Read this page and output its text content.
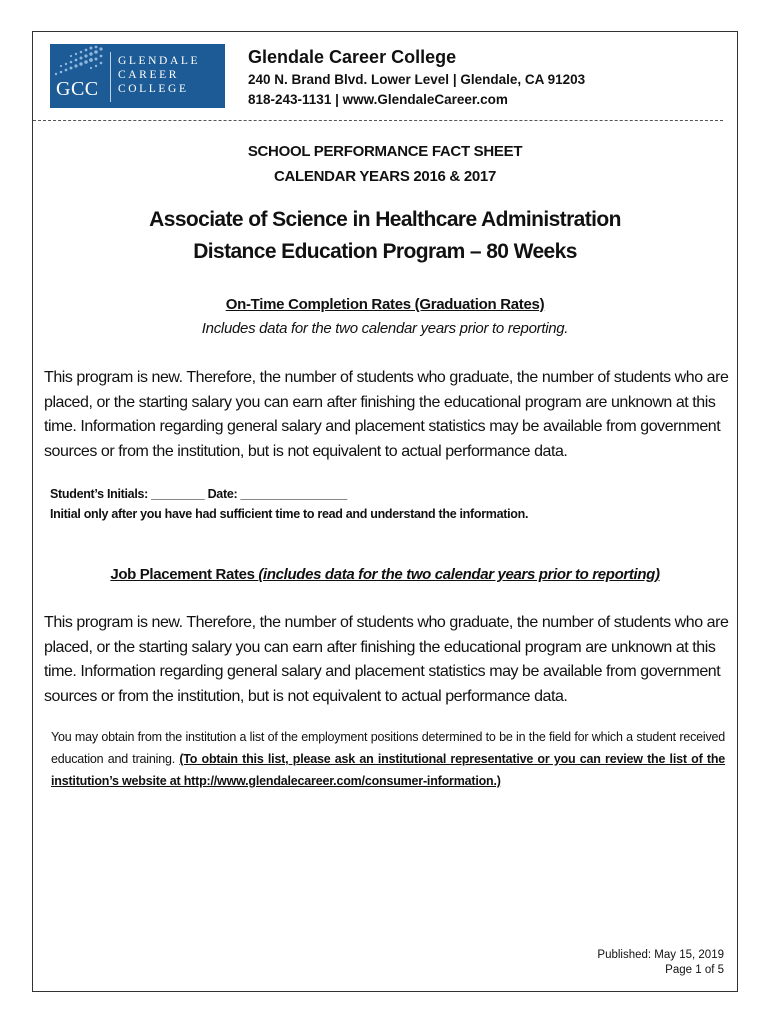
GCC
GLENDALE
CAREER
COLLEGE
Glendale Career College
240 N. Brand Blvd. Lower Level | Glendale, CA 91203
818-243-1131 | www.GlendaleCareer.com
SCHOOL PERFORMANCE FACT SHEET
CALENDAR YEARS 2016 & 2017
Associate of Science in Healthcare Administration
Distance Education Program – 80 Weeks
On-Time Completion Rates (Graduation Rates)
Includes data for the two calendar years prior to reporting.
This program is new. Therefore, the number of students who graduate, the number of students who are placed, or the starting salary you can earn after finishing the educational program are unknown at this time. Information regarding general salary and placement statistics may be available from government sources or from the institution, but is not equivalent to actual performance data.
Student’s Initials: ________ Date: ________________
Initial only after you have had sufficient time to read and understand the information.
Job Placement Rates (includes data for the two calendar years prior to reporting)
This program is new. Therefore, the number of students who graduate, the number of students who are placed, or the starting salary you can earn after finishing the educational program are unknown at this time. Information regarding general salary and placement statistics may be available from government sources or from the institution, but is not equivalent to actual performance data.
You may obtain from the institution a list of the employment positions determined to be in the field for which a student received education and training. (To obtain this list, please ask an institutional representative or you can review the list of the institution’s website at http://www.glendalecareer.com/consumer-information.)
Published: May 15, 2019
Page 1 of 5
